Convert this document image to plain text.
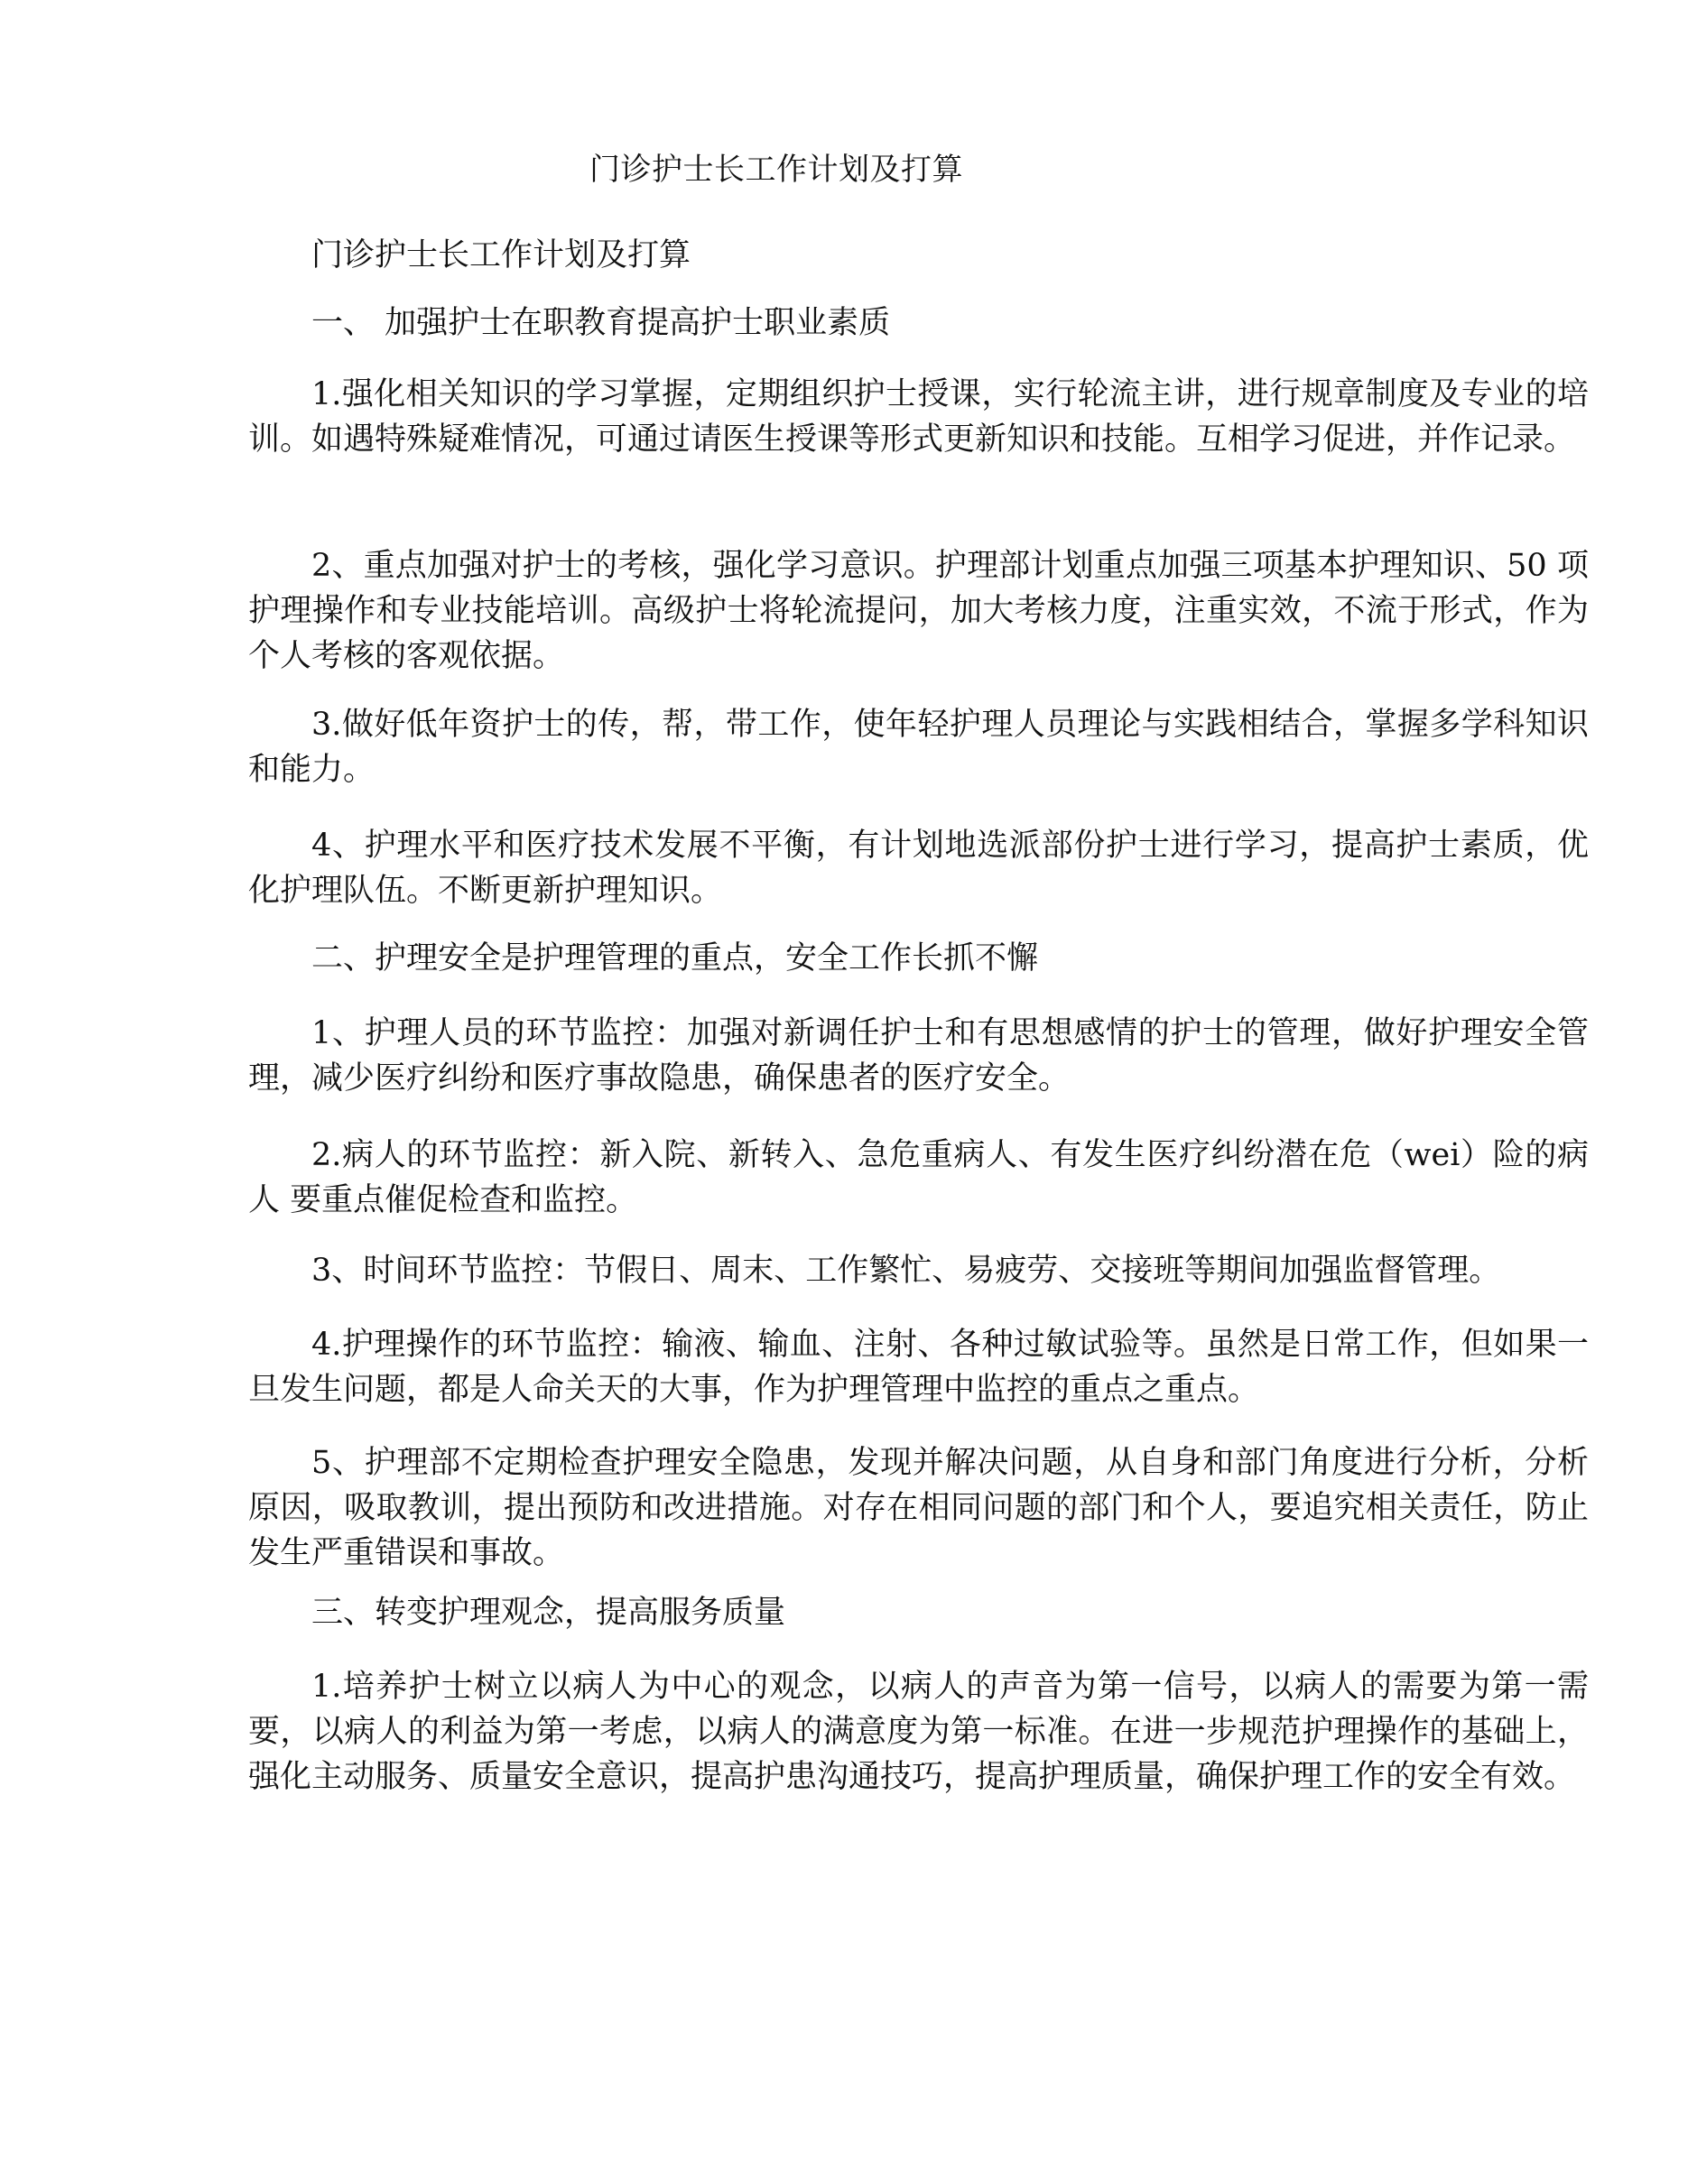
门诊护士长工作计划及打算

门诊护士长工作计划及打算

一、 加强护士在职教育提高护士职业素质

1.强化相关知识的学习掌握，定期组织护士授课，实行轮流主讲，进行规章制度及专业的培训。如遇特殊疑难情况，可通过请医生授课等形式更新知识和技能。互相学习促进，并作记录。

2、重点加强对护士的考核，强化学习意识。护理部计划重点加强三项基本护理知识、50 项护理操作和专业技能培训。高级护士将轮流提问，加大考核力度，注重实效，不流于形式，作为个人考核的客观依据。

3.做好低年资护士的传，帮，带工作，使年轻护理人员理论与实践相结合，掌握多学科知识和能力。

4、护理水平和医疗技术发展不平衡，有计划地选派部份护士进行学习，提高护士素质，优化护理队伍。不断更新护理知识。

二、护理安全是护理管理的重点，安全工作长抓不懈

1、护理人员的环节监控：加强对新调任护士和有思想感情的护士的管理，做好护理安全管理，减少医疗纠纷和医疗事故隐患，确保患者的医疗安全。

2.病人的环节监控：新入院、新转入、急危重病人、有发生医疗纠纷潜在危（wei）险的病人 要重点催促检查和监控。

3、时间环节监控：节假日、周末、工作繁忙、易疲劳、交接班等期间加强监督管理。

4.护理操作的环节监控：输液、输血、注射、各种过敏试验等。虽然是日常工作，但如果一旦发生问题，都是人命关天的大事，作为护理管理中监控的重点之重点。

5、护理部不定期检查护理安全隐患，发现并解决问题，从自身和部门角度进行分析，分析原因，吸取教训，提出预防和改进措施。对存在相同问题的部门和个人，要追究相关责任，防止发生严重错误和事故。

三、转变护理观念，提高服务质量

1.培养护士树立以病人为中心的观念，以病人的声音为第一信号，以病人的需要为第一需要，以病人的利益为第一考虑，以病人的满意度为第一标准。在进一步规范护理操作的基础上，强化主动服务、质量安全意识，提高护患沟通技巧，提高护理质量，确保护理工作的安全有效。
